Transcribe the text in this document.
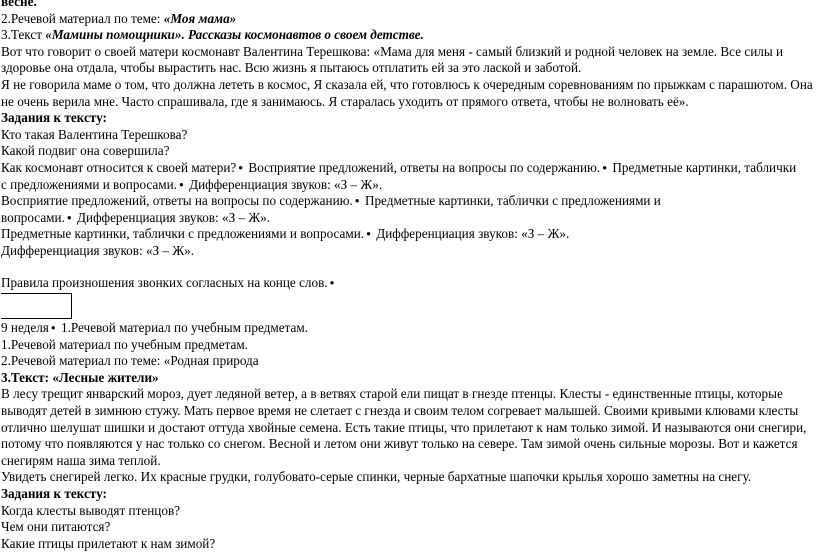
весне.
2.Речевой материал по теме: «Моя мама»
3.Текст «Мамины помощники». Рассказы космонавтов о своем детстве.
Вот что говорит о своей матери космонавт Валентина Терешкова: «Мама для меня - самый близкий и родной человек на земле. Все силы и здоровье она отдала, чтобы вырастить нас. Всю жизнь я пытаюсь отплатить ей за это лаской и заботой.
Я не говорила маме о том, что должна лететь в космос, Я сказала ей, что готовлюсь к очередным соревнованиям по прыжкам с парашютом. Она не очень верила мне. Часто спрашивала, где я занимаюсь. Я старалась уходить от прямого ответа, чтобы не волновать её».
Задания к тексту:
Кто такая Валентина Терешкова?
Какой подвиг она совершила?
Как космонавт относится к своей матери?● Восприятие предложений, ответы на вопросы по содержанию.● Предметные картинки, таблички
с предложениями и вопросами.● Дифференциация звуков: «З – Ж».
Восприятие предложений, ответы на вопросы по содержанию.● Предметные картинки, таблички с предложениями и
вопросами.● Дифференциация звуков: «З – Ж».
Предметные картинки, таблички с предложениями и вопросами.● Дифференциация звуков: «З – Ж».
Дифференциация звуков: «З – Ж».
Правила произношения звонких согласных на конце слов.●
9 неделя● 1.Речевой материал по учебным предметам.
1.Речевой материал по учебным предметам.
2.Речевой материал по теме: «Родная природа
3.Текст: «Лесные жители»
В лесу трещит январский мороз, дует ледяной ветер, а в ветвях старой ели пищат в гнезде птенцы. Клесты - единственные птицы, которые выводят детей в зимнюю стужу. Мать первое время не слетает с гнезда и своим телом согревает малышей. Своими кривыми клювами клесты отлично шелушат шишки и достают оттуда хвойные семена. Есть такие птицы, что прилетают к нам только зимой. И называются они снегири, потому что появляются у нас только со снегом. Весной и летом они живут только на севере. Там зимой очень сильные морозы. Вот и кажется снегирям наша зима теплой.
Увидеть снегирей легко. Их красные грудки, голубовато-серые спинки, черные бархатные шапочки крылья хорошо заметны на снегу.
Задания к тексту:
Когда клесты выводят птенцов?
Чем они питаются?
Какие птицы прилетают к нам зимой?
